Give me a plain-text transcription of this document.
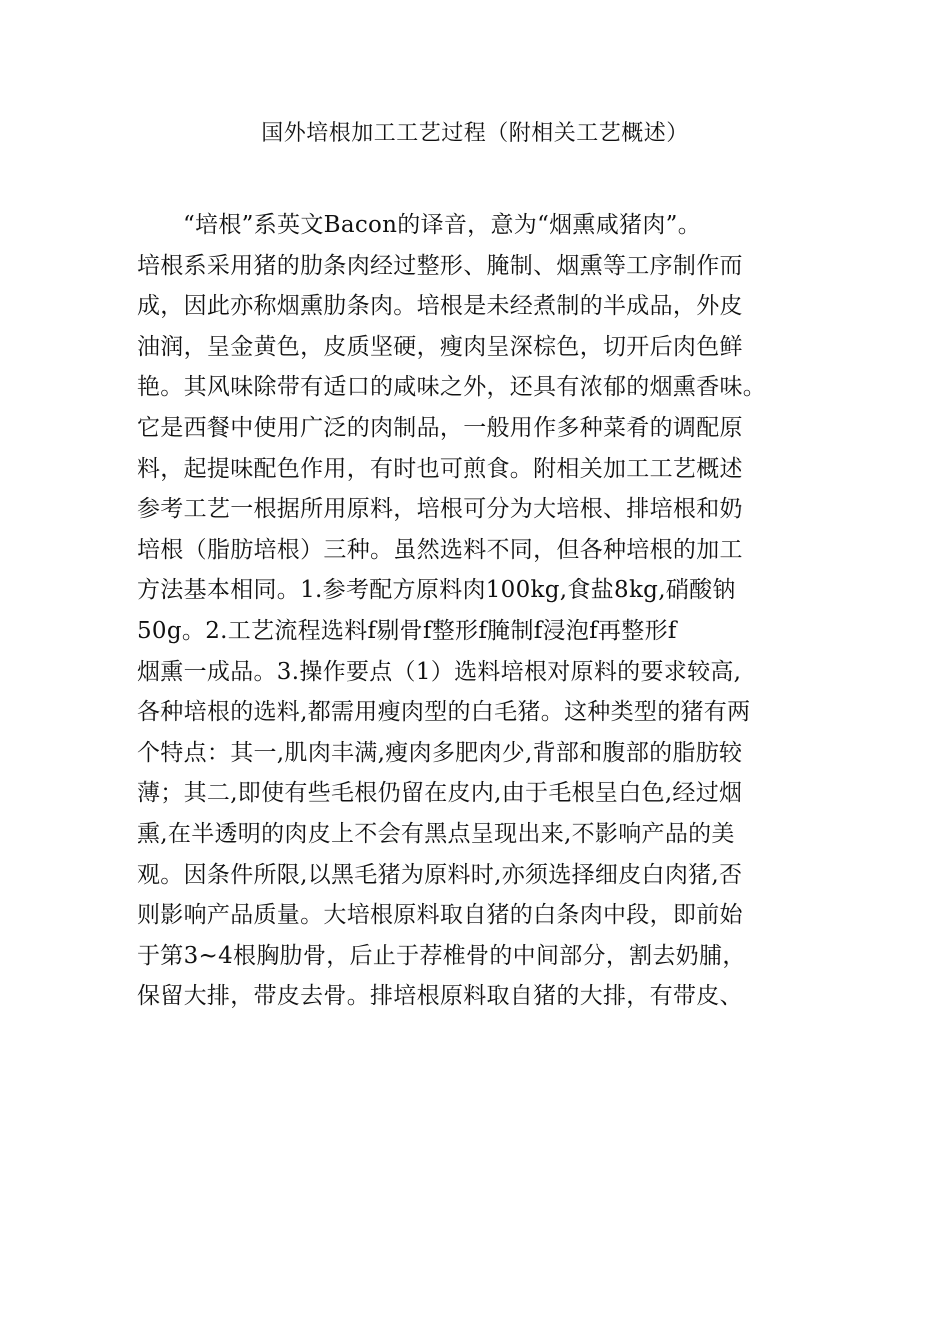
国外培根加工工艺过程（附相关工艺概述）
“培根”系英文Bacon的译音，意为“烟熏咸猪肉”。
培根系采用猪的肋条肉经过整形、腌制、烟熏等工序制作而
成，因此亦称烟熏肋条肉。培根是未经煮制的半成品，外皮
油润，呈金黄色，皮质坚硬，瘦肉呈深棕色，切开后肉色鲜
艳。其风味除带有适口的咸味之外，还具有浓郁的烟熏香味。
它是西餐中使用广泛的肉制品，一般用作多种菜肴的调配原
料，起提味配色作用，有时也可煎食。附相关加工工艺概述
参考工艺一根据所用原料，培根可分为大培根、排培根和奶
培根（脂肪培根）三种。虽然选料不同，但各种培根的加工
方法基本相同。1.参考配方原料肉100kg,食盐8kg,硝酸钠
50g。2.工艺流程选料f剔骨f整形f腌制f浸泡f再整形f
烟熏一成品。3.操作要点（1）选料培根对原料的要求较高,
各种培根的选料,都需用瘦肉型的白毛猪。这种类型的猪有两
个特点：其一,肌肉丰满,瘦肉多肥肉少,背部和腹部的脂肪较
薄；其二,即使有些毛根仍留在皮内,由于毛根呈白色,经过烟
熏,在半透明的肉皮上不会有黑点呈现出来,不影响产品的美
观。因条件所限,以黑毛猪为原料时,亦须选择细皮白肉猪,否
则影响产品质量。大培根原料取自猪的白条肉中段，即前始
于第3~4根胸肋骨，后止于荐椎骨的中间部分，割去奶脯，
保留大排，带皮去骨。排培根原料取自猪的大排，有带皮、
